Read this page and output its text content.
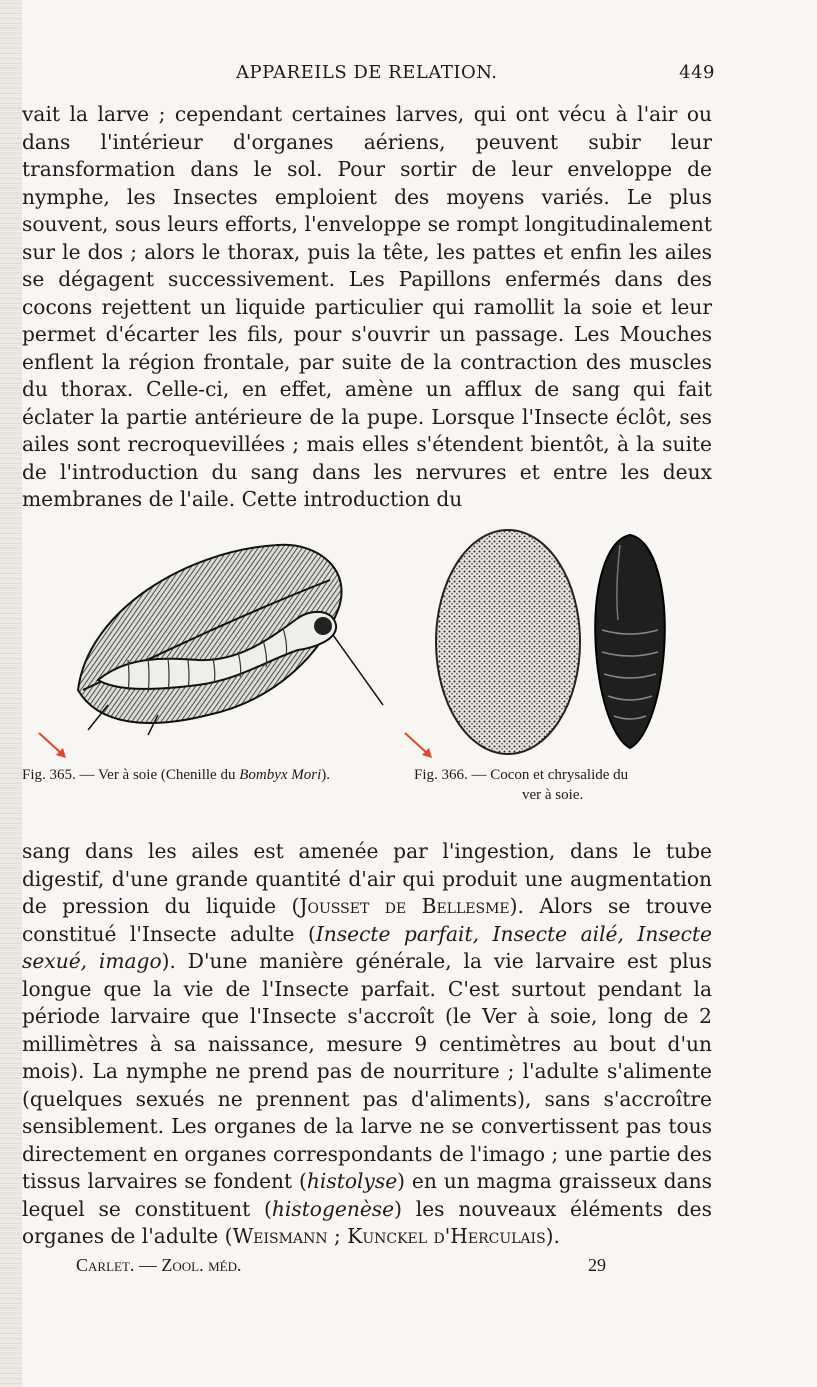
APPAREILS DE RELATION.	449

vait la larve ; cependant certaines larves, qui ont vécu à l'air ou dans l'intérieur d'organes aériens, peuvent subir leur transformation dans le sol. Pour sortir de leur enveloppe de nymphe, les Insectes emploient des moyens variés. Le plus souvent, sous leurs efforts, l'enveloppe se rompt longitudinalement sur le dos ; alors le thorax, puis la tête, les pattes et enfin les ailes se dégagent successivement. Les Papillons enfermés dans des cocons rejettent un liquide particulier qui ramollit la soie et leur permet d'écarter les fils, pour s'ouvrir un passage. Les Mouches enflent la région frontale, par suite de la contraction des muscles du thorax. Celle-ci, en effet, amène un afflux de sang qui fait éclater la partie antérieure de la pupe. Lorsque l'Insecte éclôt, ses ailes sont recroquevillées ; mais elles s'étendent bientôt, à la suite de l'introduction du sang dans les nervures et entre les deux membranes de l'aile. Cette introduction du

Fig. 365. — Ver à soie (Chenille du Bombyx Mori).	Fig. 366. — Cocon et chrysalide du
ver à soie.

sang dans les ailes est amenée par l'ingestion, dans le tube digestif, d'une grande quantité d'air qui produit une augmentation de pression du liquide (Jousset de Bellesme). Alors se trouve constitué l'Insecte adulte (Insecte parfait, Insecte ailé, Insecte sexué, imago). D'une manière générale, la vie larvaire est plus longue que la vie de l'Insecte parfait. C'est surtout pendant la période larvaire que l'Insecte s'accroît (le Ver à soie, long de 2 millimètres à sa naissance, mesure 9 centimètres au bout d'un mois). La nymphe ne prend pas de nourriture ; l'adulte s'alimente (quelques sexués ne prennent pas d'aliments), sans s'accroître sensiblement. Les organes de la larve ne se convertissent pas tous directement en organes correspondants de l'imago ; une partie des tissus larvaires se fondent (histolyse) en un magma graisseux dans lequel se constituent (histogenèse) les nouveaux éléments des organes de l'adulte (Weismann ; Kunckel d'Herculais).

Carlet. — Zool. méd.	29
